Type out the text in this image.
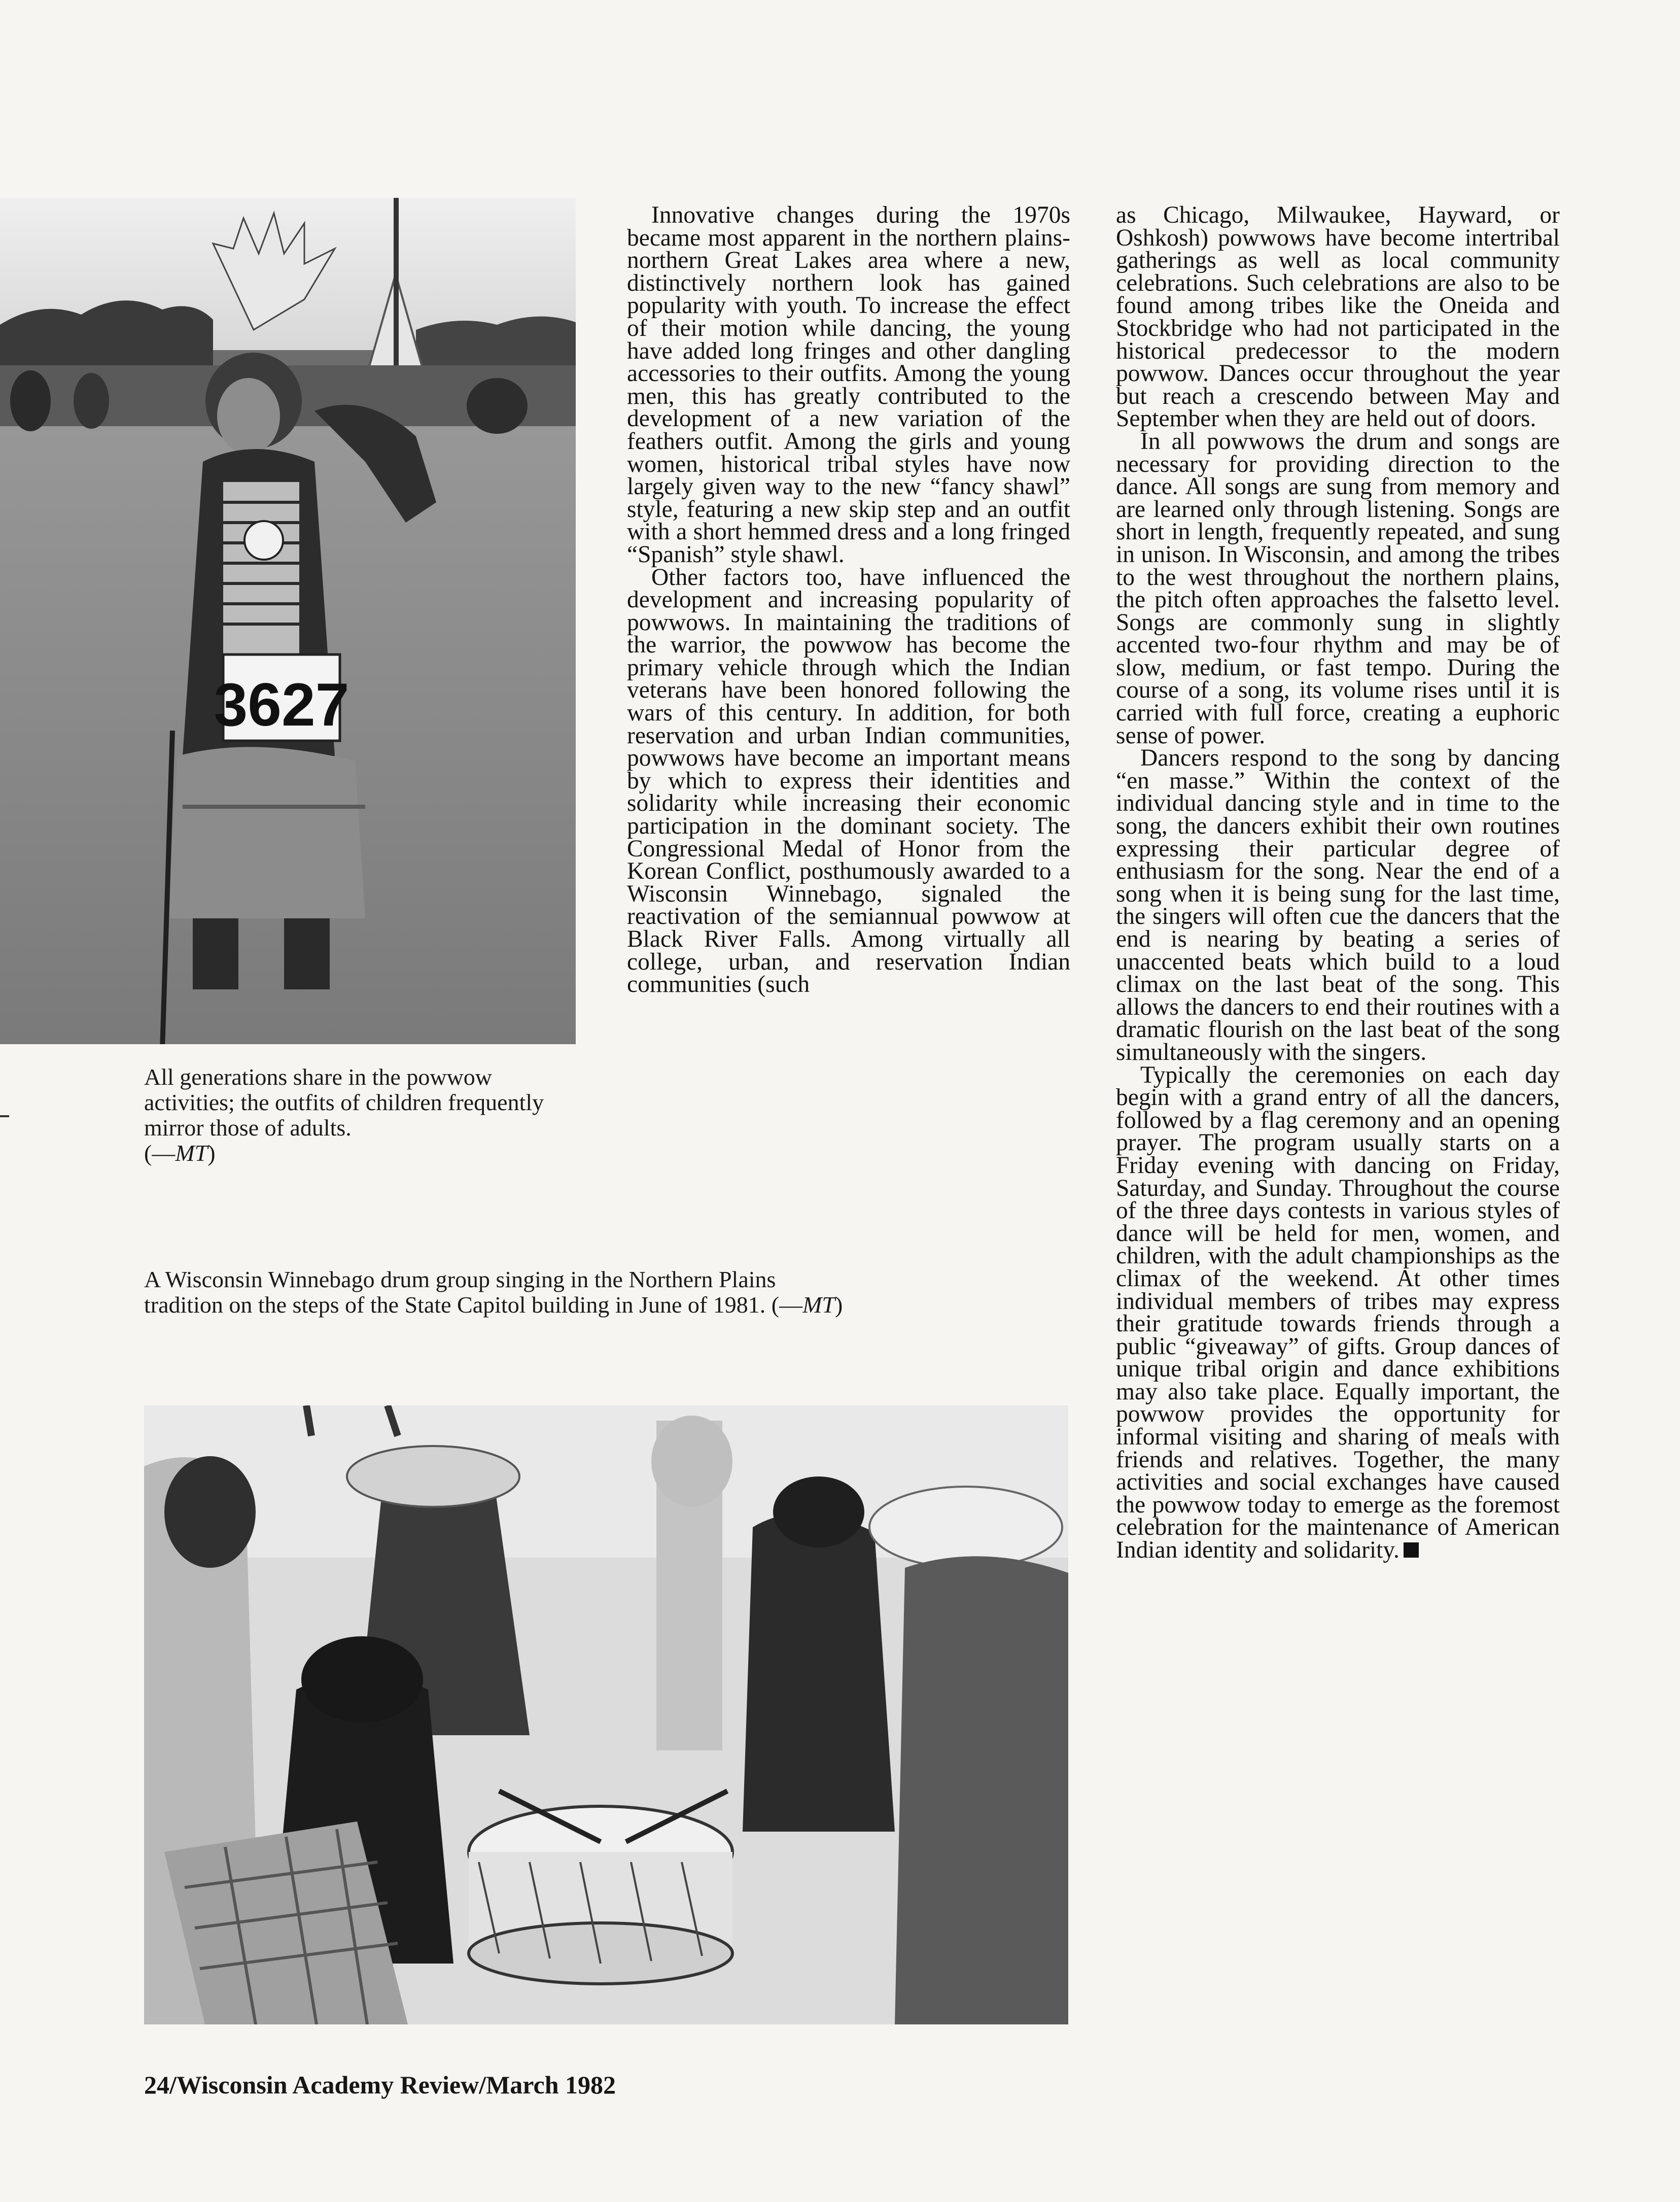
3627

All generations share in the powwow activities; the outfits of children frequently mirror those of adults.
(—MT)

Innovative changes during the 1970s became most apparent in the northern plains-northern Great Lakes area where a new, distinctively northern look has gained popularity with youth. To increase the effect of their motion while dancing, the young have added long fringes and other dangling accessories to their outfits. Among the young men, this has greatly contributed to the development of a new variation of the feathers outfit. Among the girls and young women, historical tribal styles have now largely given way to the new “fancy shawl” style, featuring a new skip step and an outfit with a short hemmed dress and a long fringed “Spanish” style shawl.

Other factors too, have influenced the development and increasing popularity of powwows. In maintaining the traditions of the warrior, the powwow has become the primary vehicle through which the Indian veterans have been honored following the wars of this century. In addition, for both reservation and urban Indian communities, powwows have become an important means by which to express their identities and solidarity while increasing their economic participation in the dominant society. The Congressional Medal of Honor from the Korean Conflict, posthumously awarded to a Wisconsin Winnebago, signaled the reactivation of the semiannual powwow at Black River Falls. Among virtually all college, urban, and reservation Indian communities (such

as Chicago, Milwaukee, Hayward, or Oshkosh) powwows have become intertribal gatherings as well as local community celebrations. Such celebrations are also to be found among tribes like the Oneida and Stockbridge who had not participated in the historical predecessor to the modern powwow. Dances occur throughout the year but reach a crescendo between May and September when they are held out of doors.

In all powwows the drum and songs are necessary for providing direction to the dance. All songs are sung from memory and are learned only through listening. Songs are short in length, frequently repeated, and sung in unison. In Wisconsin, and among the tribes to the west throughout the northern plains, the pitch often approaches the falsetto level. Songs are commonly sung in slightly accented two-four rhythm and may be of slow, medium, or fast tempo. During the course of a song, its volume rises until it is carried with full force, creating a euphoric sense of power.

Dancers respond to the song by dancing “en masse.” Within the context of the individual dancing style and in time to the song, the dancers exhibit their own routines expressing their particular degree of enthusiasm for the song. Near the end of a song when it is being sung for the last time, the singers will often cue the dancers that the end is nearing by beating a series of unaccented beats which build to a loud climax on the last beat of the song. This allows the dancers to end their routines with a dramatic flourish on the last beat of the song simultaneously with the singers.

Typically the ceremonies on each day begin with a grand entry of all the dancers, followed by a flag ceremony and an opening prayer. The program usually starts on a Friday evening with dancing on Friday, Saturday, and Sunday. Throughout the course of the three days contests in various styles of dance will be held for men, women, and children, with the adult championships as the climax of the weekend. At other times individual members of tribes may express their gratitude towards friends through a public “giveaway” of gifts. Group dances of unique tribal origin and dance exhibitions may also take place. Equally important, the powwow provides the opportunity for informal visiting and sharing of meals with friends and relatives. Together, the many activities and social exchanges have caused the powwow today to emerge as the foremost celebration for the maintenance of American Indian identity and solidarity.

A Wisconsin Winnebago drum group singing in the Northern Plains tradition on the steps of the State Capitol building in June of 1981. (—MT)

24/Wisconsin Academy Review/March 1982
